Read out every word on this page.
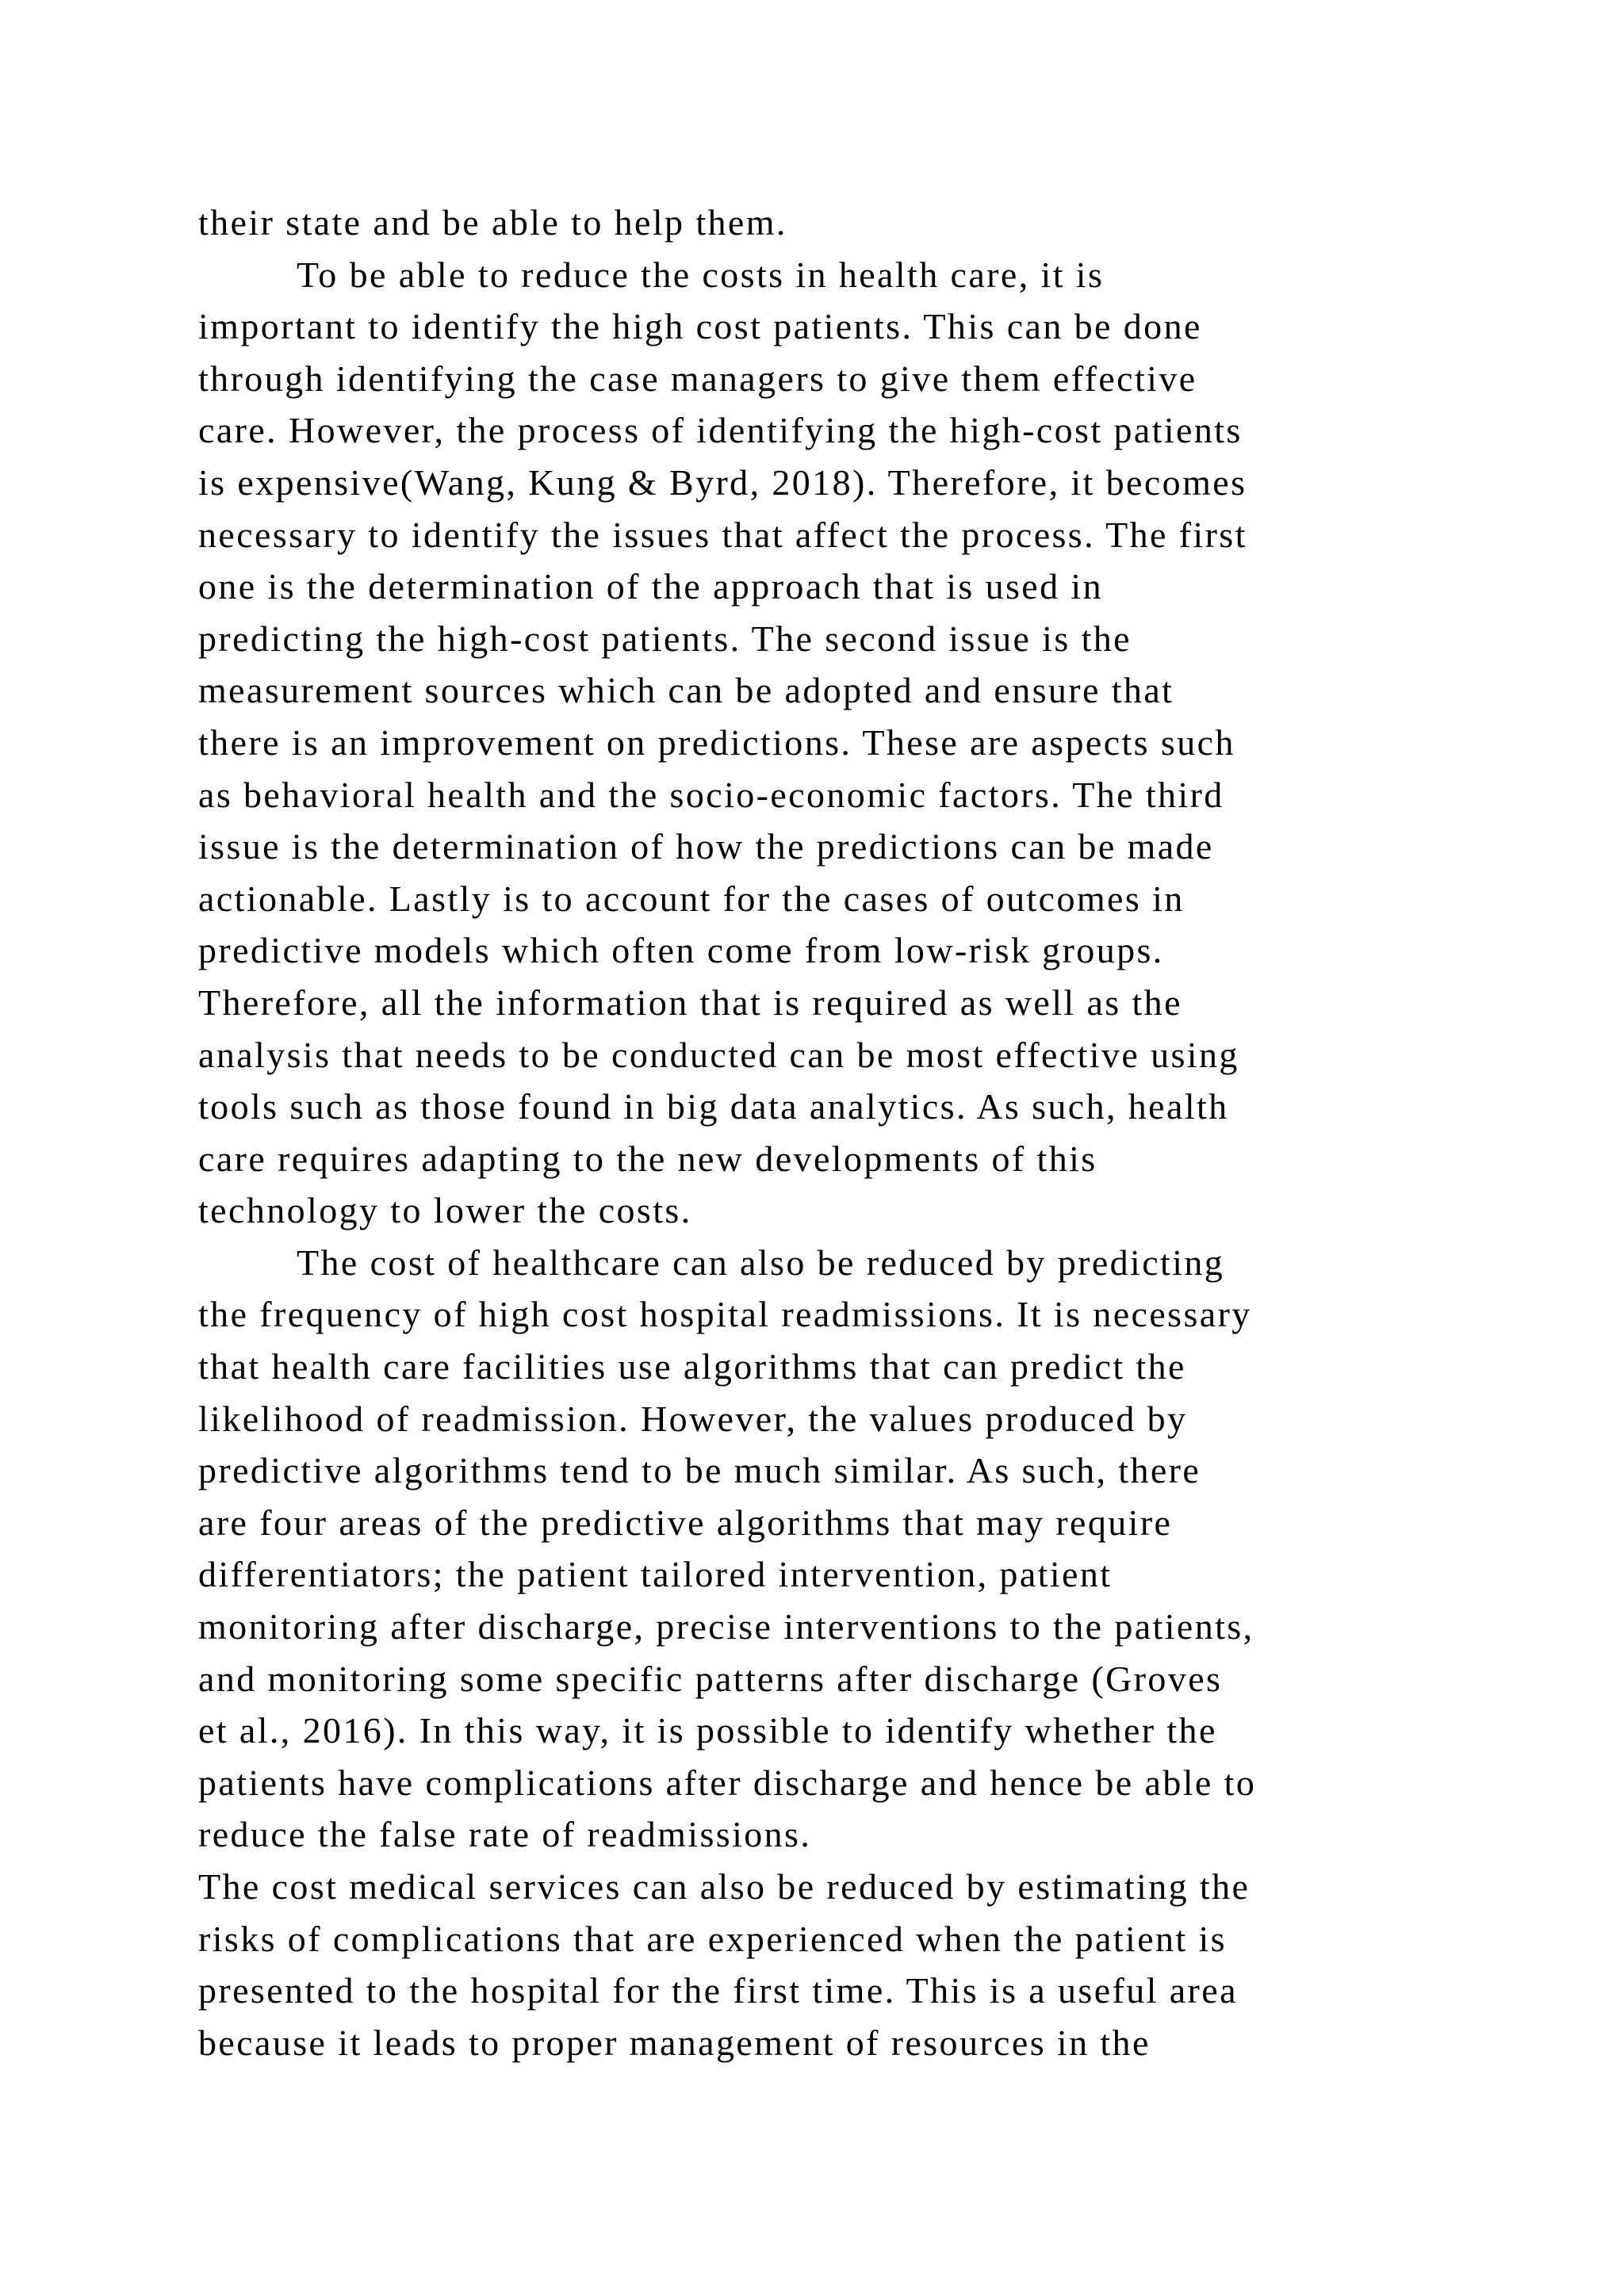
their state and be able to help them.
To be able to reduce the costs in health care, it is
important to identify the high cost patients. This can be done
through identifying the case managers to give them effective
care. However, the process of identifying the high-cost patients
is expensive(Wang, Kung & Byrd, 2018). Therefore, it becomes
necessary to identify the issues that affect the process. The first
one is the determination of the approach that is used in
predicting the high-cost patients. The second issue is the
measurement sources which can be adopted and ensure that
there is an improvement on predictions. These are aspects such
as behavioral health and the socio-economic factors. The third
issue is the determination of how the predictions can be made
actionable. Lastly is to account for the cases of outcomes in
predictive models which often come from low-risk groups.
Therefore, all the information that is required as well as the
analysis that needs to be conducted can be most effective using
tools such as those found in big data analytics. As such, health
care requires adapting to the new developments of this
technology to lower the costs.
The cost of healthcare can also be reduced by predicting
the frequency of high cost hospital readmissions. It is necessary
that health care facilities use algorithms that can predict the
likelihood of readmission. However, the values produced by
predictive algorithms tend to be much similar. As such, there
are four areas of the predictive algorithms that may require
differentiators; the patient tailored intervention, patient
monitoring after discharge, precise interventions to the patients,
and monitoring some specific patterns after discharge (Groves
et al., 2016). In this way, it is possible to identify whether the
patients have complications after discharge and hence be able to
reduce the false rate of readmissions.
The cost medical services can also be reduced by estimating the
risks of complications that are experienced when the patient is
presented to the hospital for the first time. This is a useful area
because it leads to proper management of resources in the
